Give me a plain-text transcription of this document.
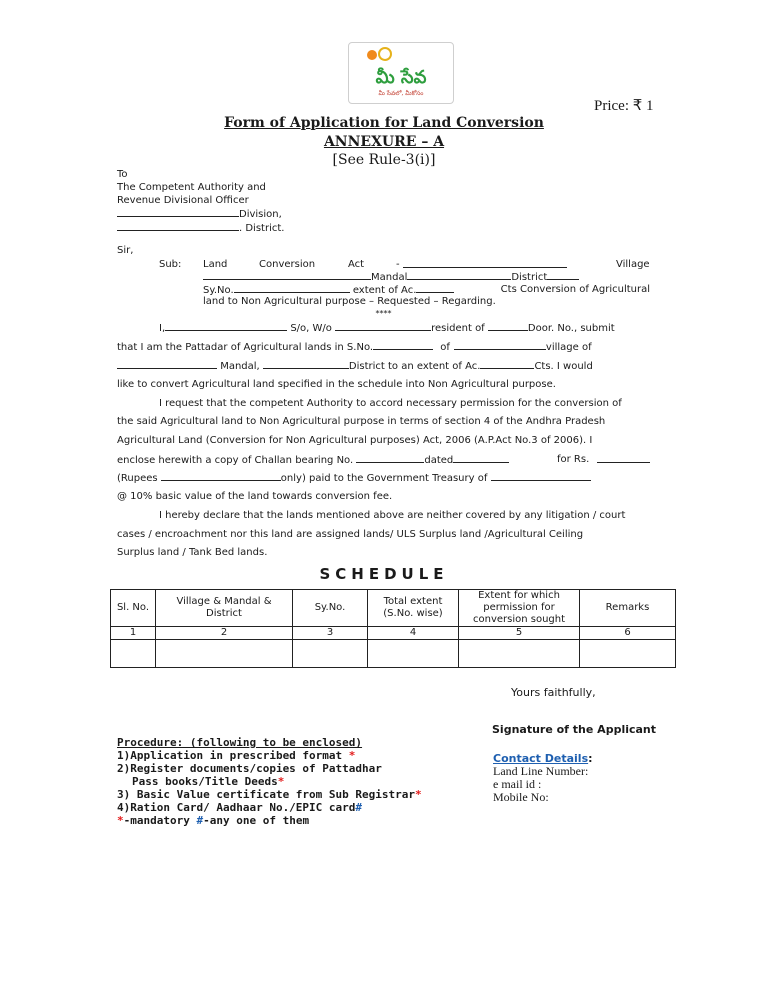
మీ సేవ
మీ సేవలో, మీకోసం
Price: ₹ 1
Form of Application for Land Conversion
ANNEXURE – A
[See Rule-3(i)]
To
The Competent Authority and
Revenue Divisional Officer
Division,
. District.
Sir,
Sub: Land	Conversion	Act	-	Village
Mandal	District
Sy.No.	extent of Ac.	Cts Conversion of Agricultural
land to Non Agricultural purpose – Requested – Regarding.
****
I,	S/o, W/o	resident of	Door. No., submit
that I am the Pattadar of Agricultural lands in S.No.	of	village of
Mandal,	District to an extent of Ac.	Cts. I would
like to convert Agricultural land specified in the schedule into Non Agricultural purpose.
I request that the competent Authority to accord necessary permission for the conversion of
the said Agricultural land to Non Agricultural purpose in terms of section 4 of the Andhra Pradesh
Agricultural Land (Conversion for Non Agricultural purposes) Act, 2006 (A.P.Act No.3 of 2006). I
enclose herewith a copy of Challan bearing No.	dated	for Rs.
(Rupees	only) paid to the Government Treasury of
@ 10% basic value of the land towards conversion fee.
I hereby declare that the lands mentioned above are neither covered by any litigation / court
cases / encroachment nor this land are assigned lands/ ULS Surplus land /Agricultural Ceiling
Surplus land / Tank Bed lands.
SCHEDULE
Sl. No.	Village & Mandal & District	Sy.No.	Total extent (S.No. wise)	Extent for which permission for conversion sought	Remarks
1	2	3	4	5	6

Yours faithfully,
Signature of the Applicant
Procedure: (following to be enclosed)
1)Application in prescribed format *
2)Register documents/copies of Pattadhar
Pass books/Title Deeds*
3) Basic Value certificate from Sub Registrar*
4)Ration Card/ Aadhaar No./EPIC card#
*-mandatory #-any one of them
Contact Details:
Land Line Number:
e mail id :
Mobile No:
